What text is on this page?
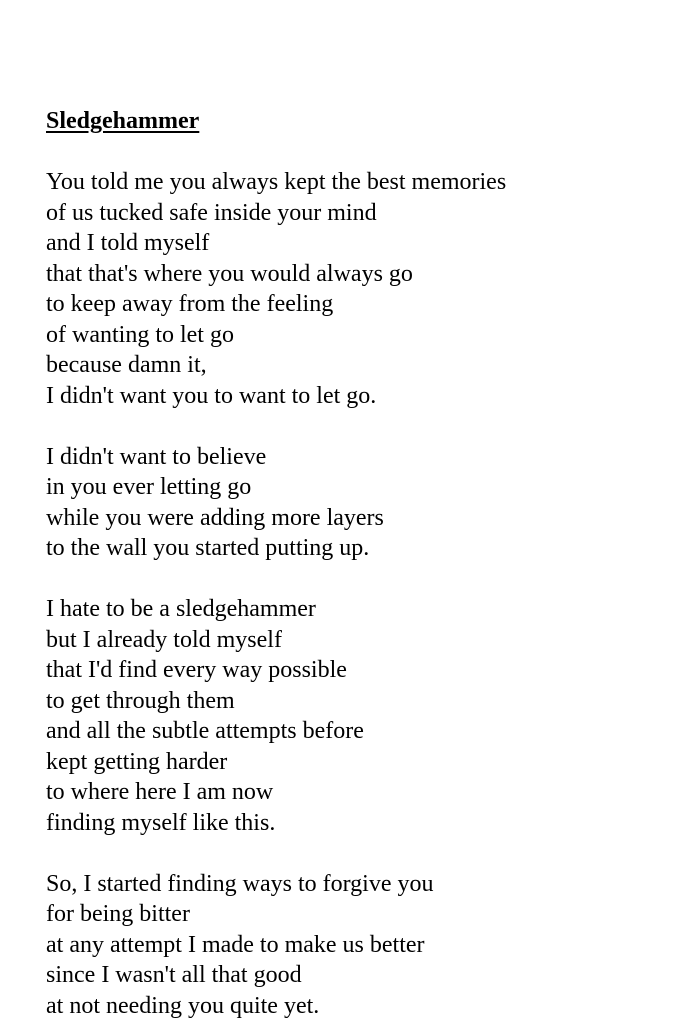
Sledgehammer
You told me you always kept the best memories
of us tucked safe inside your mind
and I told myself
that that's where you would always go
to keep away from the feeling
of wanting to let go
because damn it,
I didn't want you to want to let go.
I didn't want to believe
in you ever letting go
while you were adding more layers
to the wall you started putting up.
I hate to be a sledgehammer
but I already told myself
that I'd find every way possible
to get through them
and all the subtle attempts before
kept getting harder
to where here I am now
finding myself like this.
So, I started finding ways to forgive you
for being bitter
at any attempt I made to make us better
since I wasn't all that good
at not needing you quite yet.
